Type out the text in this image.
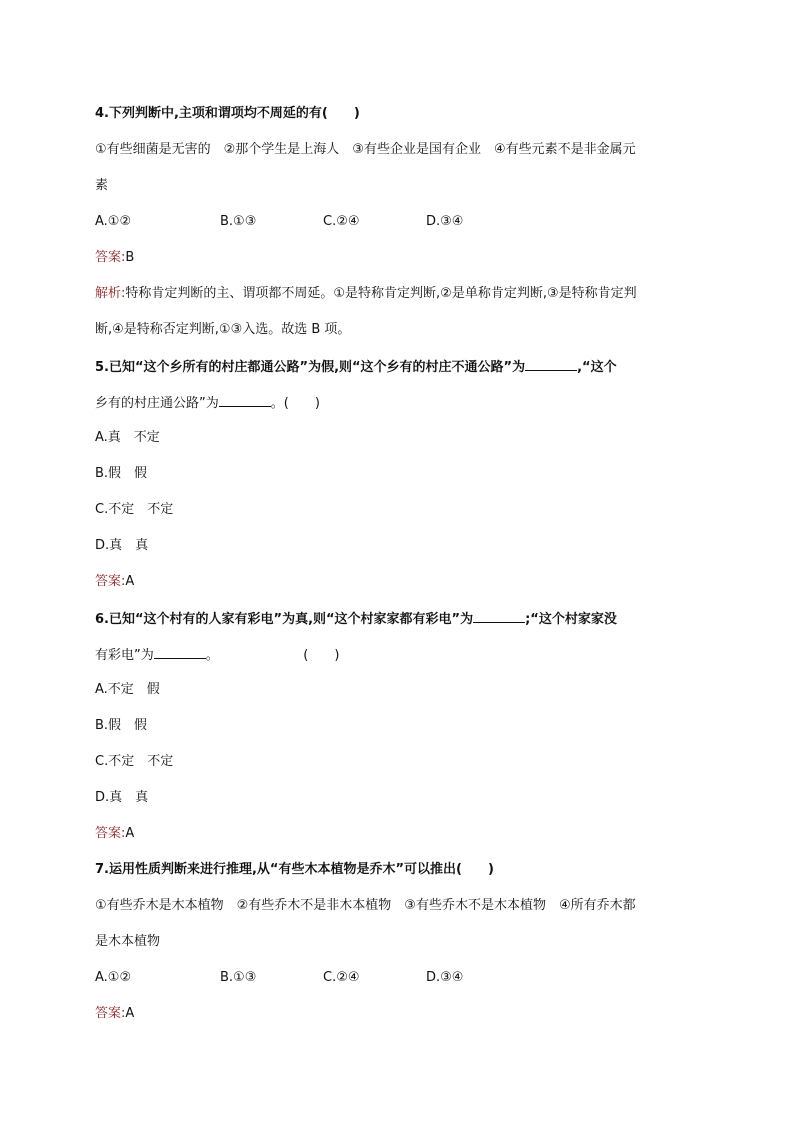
4.下列判断中,主项和谓项均不周延的有(　　)
①有些细菌是无害的　②那个学生是上海人　③有些企业是国有企业　④有些元素不是非金属元
素
A.①②	B.①③	C.②④	D.③④
答案:B
解析:特称肯定判断的主、谓项都不周延。①是特称肯定判断,②是单称肯定判断,③是特称肯定判
断,④是特称否定判断,①③入选。故选 B 项。
5.已知“这个乡所有的村庄都通公路”为假,则“这个乡有的村庄不通公路”为	,“这个
乡有的村庄通公路”为	。(　　)
A.真　不定
B.假　假
C.不定　不定
D.真　真
答案:A
6.已知“这个村有的人家有彩电”为真,则“这个村家家都有彩电”为	;“这个村家家没
有彩电”为	。　　　　　　　(　　)
A.不定　假
B.假　假
C.不定　不定
D.真　真
答案:A
7.运用性质判断来进行推理,从“有些木本植物是乔木”可以推出(　　)
①有些乔木是木本植物　②有些乔木不是非木本植物　③有些乔木不是木本植物　④所有乔木都
是木本植物
A.①②	B.①③	C.②④	D.③④
答案:A
